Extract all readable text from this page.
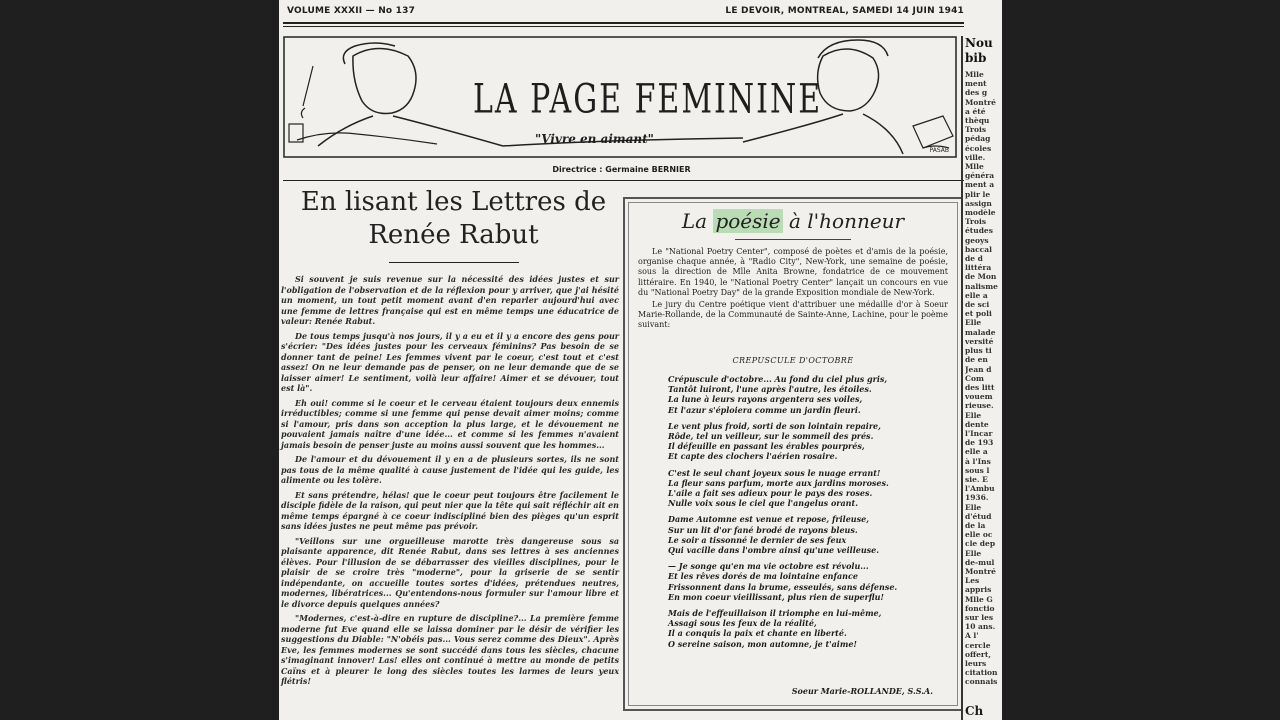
VOLUME XXXII — No 137	LE DEVOIR, MONTREAL, SAMEDI 14 JUIN 1941
LA PAGE FEMININE
"Vivre en aimant"
PASAB
Directrice : Germaine BERNIER
En lisant les Lettres de Renée Rabut

Si souvent je suis revenue sur la nécessité des idées justes et sur l'obligation de l'observation et de la réflexion pour y arriver, que j'ai hésité un moment, un tout petit moment avant d'en reparler aujourd'hui avec une femme de lettres française qui est en même temps une éducatrice de valeur: Renée Rabut.

De tous temps jusqu'à nos jours, il y a eu et il y a encore des gens pour s'écrier: "Des idées justes pour les cerveaux féminins? Pas besoin de se donner tant de peine! Les femmes vivent par le coeur, c'est tout et c'est assez! On ne leur demande pas de penser, on ne leur demande que de se laisser aimer! Le sentiment, voilà leur affaire! Aimer et se dévouer, tout est là".

Eh oui! comme si le coeur et le cerveau étaient toujours deux ennemis irréductibles; comme si une femme qui pense devait aimer moins; comme si l'amour, pris dans son acception la plus large, et le dévouement ne pouvaient jamais naître d'une idée... et comme si les femmes n'avaient jamais besoin de penser juste au moins aussi souvent que les hommes...

De l'amour et du dévouement il y en a de plusieurs sortes, ils ne sont pas tous de la même qualité à cause justement de l'idée qui les guide, les alimente ou les tolère.

Et sans prétendre, hélas! que le coeur peut toujours être facilement le disciple fidèle de la raison, qui peut nier que la tête qui sait réfléchir ait en même temps épargné à ce coeur indiscipliné bien des pièges qu'un esprit sans idées justes ne peut même pas prévoir.

"Veillons sur une orgueilleuse marotte très dangereuse sous sa plaisante apparence, dit Renée Rabut, dans ses lettres à ses anciennes élèves. Pour l'illusion de se débarrasser des vieilles disciplines, pour le plaisir de se croire très "moderne", pour la griserie de se sentir indépendante, on accueille toutes sortes d'idées, prétendues neutres, modernes, libératrices... Qu'entendons-nous formuler sur l'amour libre et le divorce depuis quelques années?

"Modernes, c'est-à-dire en rupture de discipline?... La première femme moderne fut Eve quand elle se laissa dominer par le désir de vérifier les suggestions du Diable: "N'obéis pas... Vous serez comme des Dieux". Après Eve, les femmes modernes se sont succédé dans tous les siècles, chacune s'imaginant innover! Las! elles ont continué à mettre au monde de petits Caïns et à pleurer le long des siècles toutes les larmes de leurs yeux flétris!

La poésie à l'honneur

Le "National Poetry Center", composé de poètes et d'amis de la poésie, organise chaque année, à "Radio City", New-York, une semaine de poésie, sous la direction de Mlle Anita Browne, fondatrice de ce mouvement littéraire. En 1940, le "National Poetry Center" lançait un concours en vue du "National Poetry Day" de la grande Exposition mondiale de New-York.

Le jury du Centre poétique vient d'attribuer une médaille d'or à Soeur Marie-Rollande, de la Communauté de Sainte-Anne, Lachine, pour le poème suivant:

CREPUSCULE D'OCTOBRE
Crépuscule d'octobre... Au fond du ciel plus gris,
Tantôt luiront, l'une après l'autre, les étoiles.
La lune à leurs rayons argentera ses voiles,
Et l'azur s'éploiera comme un jardin fleuri.
Le vent plus froid, sorti de son lointain repaire,
Rôde, tel un veilleur, sur le sommeil des prés.
Il défeuille en passant les érables pourprés,
Et capte des clochers l'aérien rosaire.
C'est le seul chant joyeux sous le nuage errant!
La fleur sans parfum, morte aux jardins moroses.
L'aile a fait ses adieux pour le pays des roses.
Nulle voix sous le ciel que l'angelus orant.
Dame Automne est venue et repose, frileuse,
Sur un lit d'or fané brodé de rayons bleus.
Le soir a tissonné le dernier de ses feux
Qui vacille dans l'ombre ainsi qu'une veilleuse.
— Je songe qu'en ma vie octobre est révolu...
Et les rêves dorés de ma lointaine enfance
Frissonnent dans la brume, esseulés, sans défense.
En mon coeur vieillissant, plus rien de superflu!
Mais de l'effeuillaison il triomphe en lui-même,
Assagi sous les feux de la réalité,
Il a conquis la paix et chante en liberté.
O sereine saison, mon automne, je t'aime!
Soeur Marie-ROLLANDE, S.S.A.
Nou bib
Mlle
ment
des g
Montré
a été
thèqu
Trois
pédag
écoles
ville.
Mlle
généra
ment a
plir le
assign
modèle
Trois
études
geoys
baccal
de d
littéra
de Mon
nalisme
elle a
de sci
et poli
Elle
malade
versité
plus ti
de en
Jean d
Com
des litt
vouem
rieuse.
Elle
dente
l'Incar
de 193
elle a
à l'Ins
sous l
sie. E
l'Ambu
1936.
Elle
d'étud
de la
elle oc
cle dep
Elle
de-mul
Montré
Les
appris
Mlle G
fonctio
sur les
10 ans.
A l'
cercle
offert,
leurs
citation
connais
Ch
